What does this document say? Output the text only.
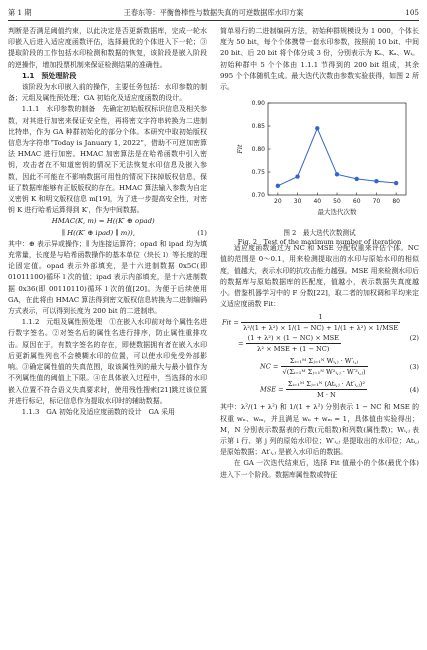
第 1 期	王春东等：平衡鲁棒性与数据失真的可逆数据库水印方案	105

判断是否满足阈值约束，以此决定是否更新数据库，完成一轮水印嵌入后进入适应度函数评估，选择最优的个体进入下一轮；③提取阶段的工作包括水印检测和数据的恢复，该阶段是嵌入阶段的逆操作，增加投票机制来保证检测结果的准确性。

1.1　预处理阶段

该阶段为水印嵌入前的操作，主要任务包括：水印参数的制备；元组及属性预处理；GA 初始化及适应度函数的设计。

1.1.1　水印参数的制备　 先确定初始版权标识信息及相关参数，对其进行加密来保证安全性，再将密文字符串转换为二进制比特串，作为 GA 种群初始化的部分个体。本研究中取初始版权信息为字符串“Today is January 1, 2022”，借助不可逆加密算法 HMAC 进行加密。HMAC 加密算法是在哈希函数中引入密钥，攻击者在不知道密钥的情况下无法恢复水印信息及嵌入参数，因此不可能在不影响数据可用性的情况下抹掉版权信息，保证了数据库能够有正版版权的存在。HMAC 算法输入参数为自定义密钥 K 和明文版权信息 m[19]，为了进一步提高安全性，对密钥 K 进行哈希运算得到 K′，作为中间数据。

HMAC(K, m) = H((K′ ⊕ opad)

∥ H((K′ ⊕ ipad) ∥ m)),	(1)

其中：⊕ 表示异或操作；∥ 为连接运算符；opad 和 ipad 均为填充常量，长度是与哈希函数操作的基本单位（块长 l）等长度的理论固定值。opad 表示外部填充，是十六进制数据 0x5C(即 01011100)循环 l 次的值；ipad 表示内部填充，是十六进制数据 0x36(即 00110110)循环 l 次的值[20]。为便于后续使用 GA，在此将由 HMAC 算法得到密文版权信息转换为二进制编码方式表示，可以得到长度为 200 bit 的二进制串。

1.1.2　元组及属性预处理　 ①在嵌入水印前对每个属性名进行数字签名。②对签名后的属性名进行排序，防止属性重排攻击。原因在于，有数字签名的存在，即使数据拥有者在嵌入水印后更新属性列也不会模糊水印的位置，可以使水印免受外部影响。③确定属性值的失真范围，取该属性列的最大与最小值作为不列属性值的阈值上下限。④在具体嵌入过程中，当选择的水印嵌入位置不符合语义失真要求时，使用残性搜索[21]跳过该位置并进行标记，标记信息作为提取水印时的辅助数据。

1.1.3　GA 初始化及适应度函数的设计　 GA 采用

简单易行的二进制编码方法，初始种群规模设为 1 000，个体长度为 50 bit，每个个体携带一套水印参数，按照前 10 bit、中间 20 bit、后 20 bit 将个体分成 3 份，分别表示为 Kₛ、Kₐ、Wᵢ。初始种群中 5 个个体由 1.1.1 节得到的 200 bit 组成，其余 995 个个体随机生成。最大迭代次数由参数实验获得，如图 2 所示。

20 30 40 50 60 70 80
0.70
0.75
0.80
0.85
0.90
最大迭代次数
Fit
图 2　最大迭代次数测试
Fig. 2　Test of the maximum number of iteration

适应度函数通过为 NC 和 MSE 分配权重来评估个体。NC 值的范围是 0～0.1，用来检测提取出的水印与原始水印的相似度，值越大，表示水印的抗攻击能力越强。MSE 用来检测水印后的数据库与原始数据库的匹配度，值越小，表示数据失真度越小。借鉴机器学习中的 F 分数[22]，取二者的加权调和平均来定义适应度函数 Fit：

Fit = $\frac{1}{\text{λ²/(1 + λ²) × 1/(1 − NC) + 1/(1 + λ²) × 1/MSE}}$
= $\frac{\text{(1 + λ²) × (1 − NC) × MSE}}{\text{λ² × MSE + (1 − NC)}}$	(2)
NC = $\frac{\text{Σᵢ₌₁ᴹ Σⱼ₌₁ᴺ Wᵢ,ⱼ · W′ᵢ,ⱼ}}{\text{√(Σᵢ₌₁ᴹ Σⱼ₌₁ᴺ W²ᵢ,ⱼ · W′²ᵢ,ⱼ)}}$	(3)
MSE = $\frac{\text{Σᵢ₌₁ᴹ Σⱼ₌₁ᴺ (Atᵢ,ⱼ · At′ᵢ,ⱼ)²}}{M \cdot N}$	(4)

其中：λ²/(1 + λ²) 和 1/(1 + λ²) 分别表示 1 − NC 和 MSE 的权重 wₙ、wₘ，并且满足 wₙ + wₘ = 1，具体值由实验得出；M，N 分别表示数据表的行数(元组数)和列数(属性数)；Wᵢ,ⱼ 表示第 i 行、第 j 列的原始水印位；W′ᵢ,ⱼ 是提取出的水印位；Atᵢ,ⱼ 是原始数据；At′ᵢ,ⱼ 是嵌入水印后的数据。

在 GA 一次迭代结束后，选择 Fit 值最小的个体(最优个体)进入下一个阶段。数据库属性数或特征
